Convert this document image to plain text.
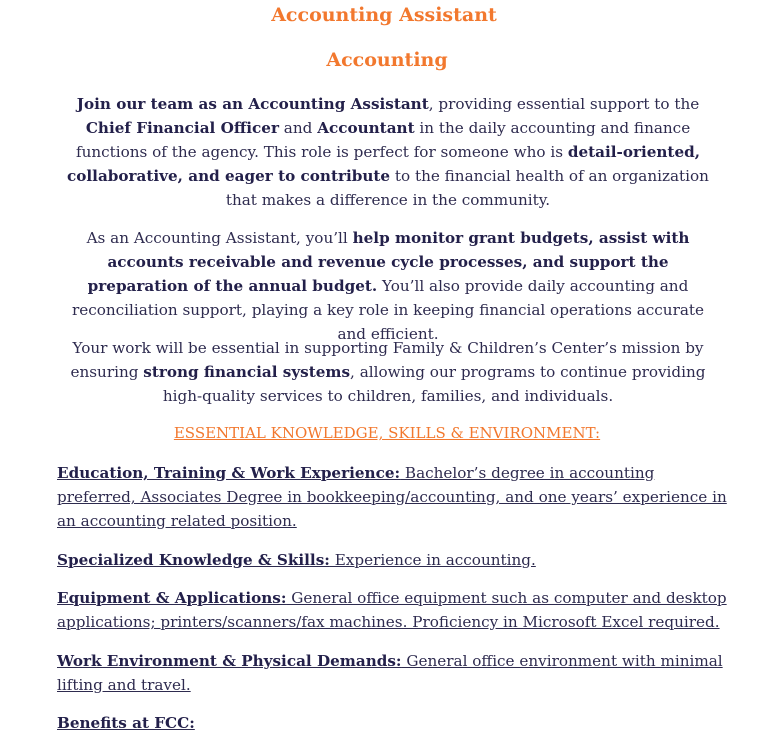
Accounting Assistant
Accounting

Join our team as an Accounting Assistant, providing essential support to the Chief Financial Officer and Accountant in the daily accounting and finance functions of the agency. This role is perfect for someone who is detail-oriented, collaborative, and eager to contribute to the financial health of an organization that makes a difference in the community.

As an Accounting Assistant, you’ll help monitor grant budgets, assist with accounts receivable and revenue cycle processes, and support the preparation of the annual budget. You’ll also provide daily accounting and reconciliation support, playing a key role in keeping financial operations accurate and efficient.

Your work will be essential in supporting Family & Children’s Center’s mission by ensuring strong financial systems, allowing our programs to continue providing high-quality services to children, families, and individuals.

ESSENTIAL KNOWLEDGE, SKILLS & ENVIRONMENT:

Education, Training & Work Experience: Bachelor’s degree in accounting preferred, Associates Degree in bookkeeping/accounting, and one years’ experience in an accounting related position.

Specialized Knowledge & Skills: Experience in accounting.

Equipment & Applications: General office equipment such as computer and desktop applications; printers/scanners/fax machines. Proficiency in Microsoft Excel required.

Work Environment & Physical Demands: General office environment with minimal lifting and travel.

Benefits at FCC:
